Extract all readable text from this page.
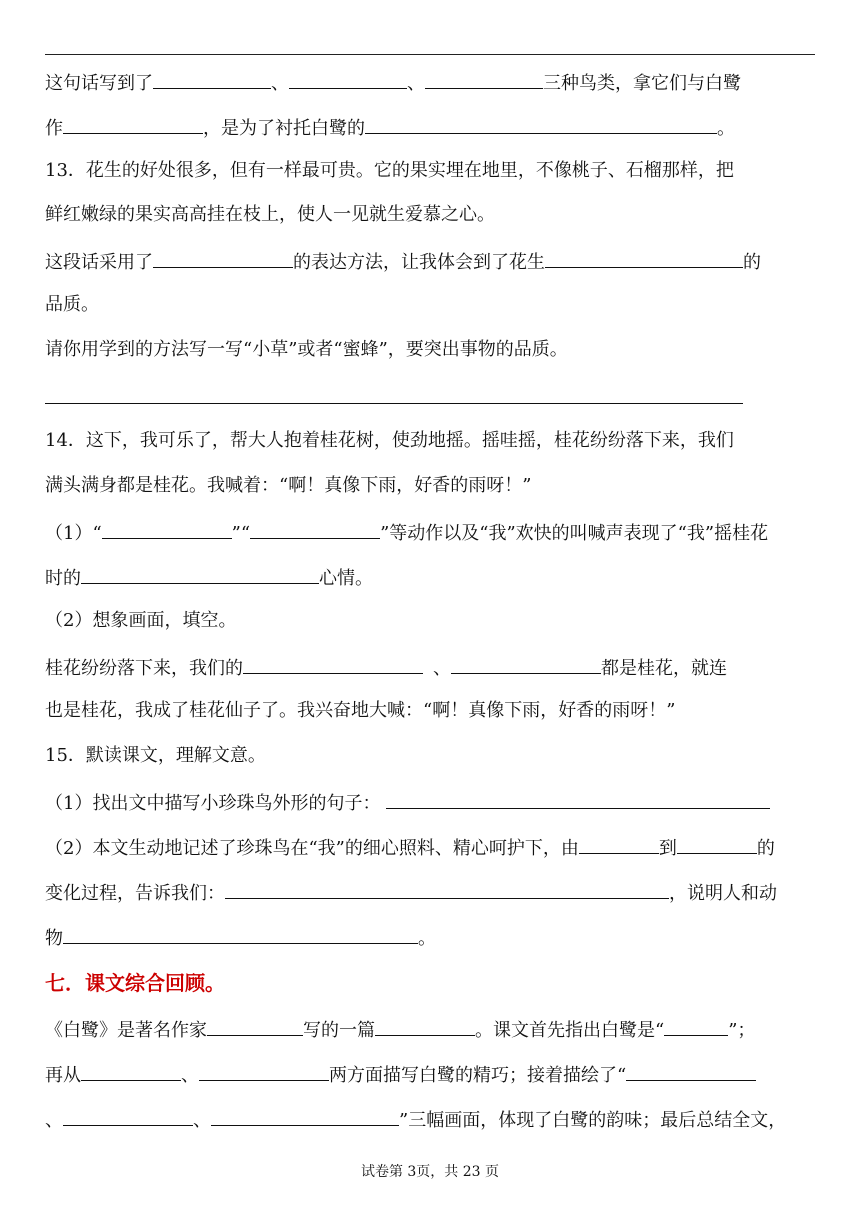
这句话写到了	、	、	三种鸟类，拿它们与白鹭
作	，是为了衬托白鹭的	。
13．花生的好处很多，但有一样最可贵。它的果实埋在地里，不像桃子、石榴那样，把
鲜红嫩绿的果实高高挂在枝上，使人一见就生爱慕之心。
这段话采用了	的表达方法，让我体会到了花生	的
品质。
请你用学到的方法写一写“小草”或者“蜜蜂”，要突出事物的品质。
14．这下，我可乐了，帮大人抱着桂花树，使劲地摇。摇哇摇，桂花纷纷落下来，我们
满头满身都是桂花。我喊着：“啊！真像下雨，好香的雨呀！”
（1）“	”“	”等动作以及“我”欢快的叫喊声表现了“我”摇桂花
时的	心情。
（2）想象画面，填空。
桂花纷纷落下来，我们的	、	都是桂花，就连
也是桂花，我成了桂花仙子了。我兴奋地大喊：“啊！真像下雨，好香的雨呀！”
15．默读课文，理解文意。
（1）找出文中描写小珍珠鸟外形的句子：
（2）本文生动地记述了珍珠鸟在“我”的细心照料、精心呵护下，由	到	的
变化过程，告诉我们：	，说明人和动
物	。
七．课文综合回顾。
《白鹭》是著名作家	写的一篇	。课文首先指出白鹭是“	”；
再从	、	两方面描写白鹭的精巧；接着描绘了“
、	、	”三幅画面，体现了白鹭的韵味；最后总结全文，
试卷第 3页，共 23 页
